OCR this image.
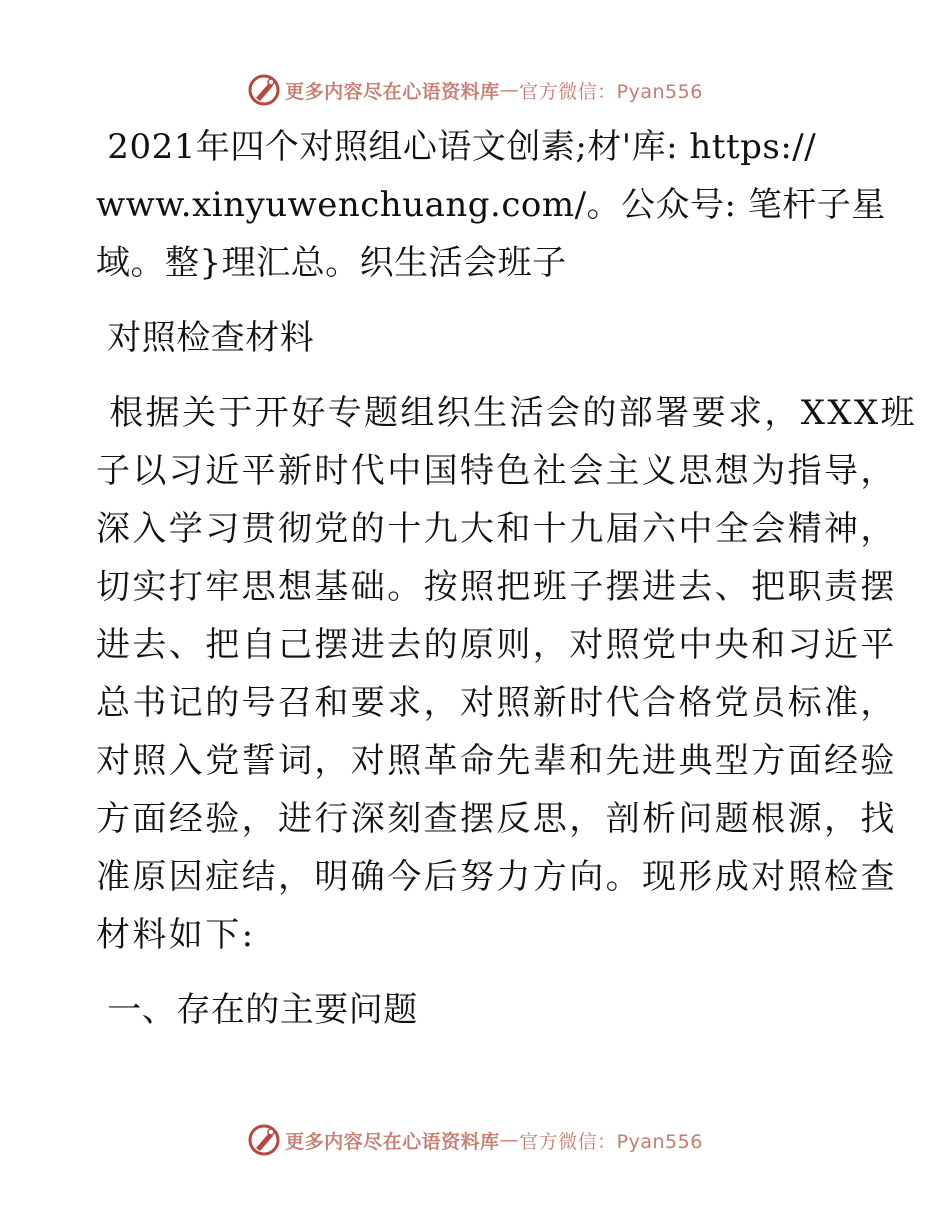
更多内容尽在心语资料库 — 官方微信：Pyan556
2021年四个对照组心语文创素;材'库: https://
www.xinyuwenchuang.com/。公众号: 笔杆子星
域。整}理汇总。织生活会班子
对照检查材料
根据关于开好专题组织生活会的部署要求，XXX班
子以习近平新时代中国特色社会主义思想为指导，
深入学习贯彻党的十九大和十九届六中全会精神，
切实打牢思想基础。按照把班子摆进去、把职责摆
进去、把自己摆进去的原则，对照党中央和习近平
总书记的号召和要求，对照新时代合格党员标准，
对照入党誓词，对照革命先辈和先进典型方面经验
方面经验，进行深刻查摆反思，剖析问题根源，找
准原因症结，明确今后努力方向。现形成对照检查
材料如下:
一、存在的主要问题
更多内容尽在心语资料库 — 官方微信：Pyan556
